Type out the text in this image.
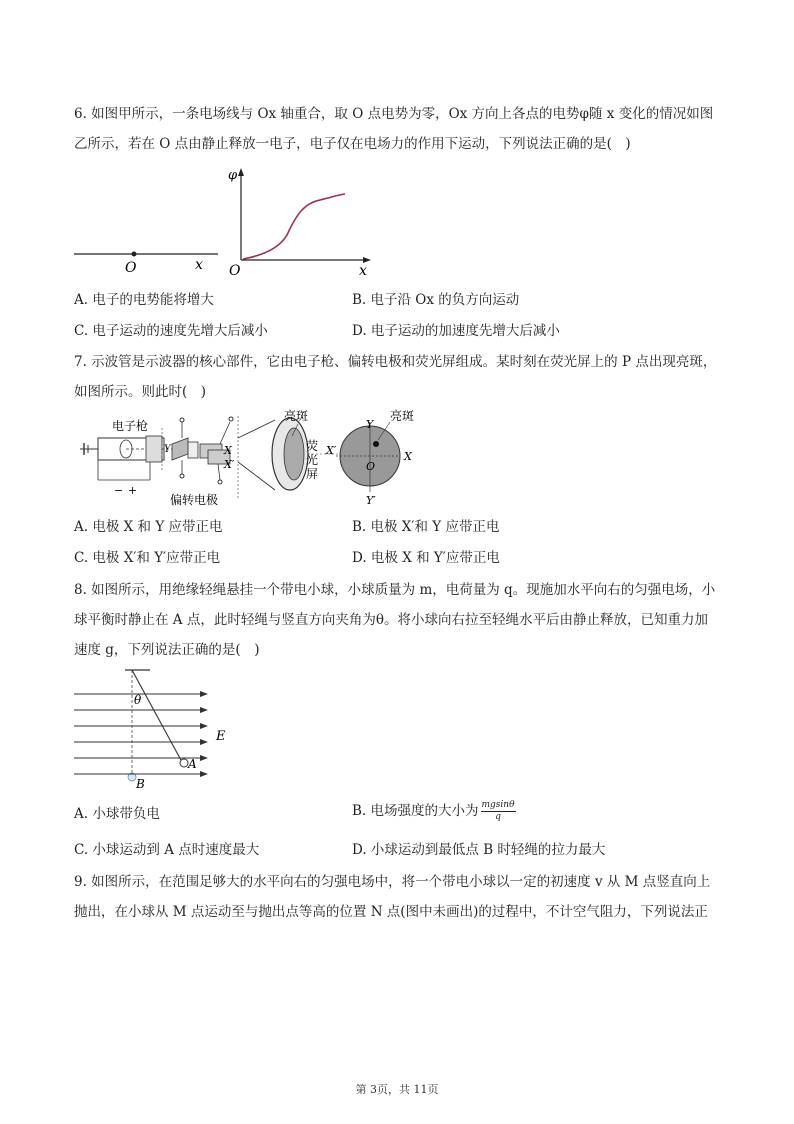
6. 如图甲所示，一条电场线与 Ox 轴重合，取 O 点电势为零，Ox 方向上各点的电势φ随 x 变化的情况如图
乙所示，若在 O 点由静止释放一电子，电子仅在电场力的作用下运动，下列说法正确的是(　)
O	x
φ
x
O
A. 电子的电势能将增大	B. 电子沿 Ox 的负方向运动
C. 电子运动的速度先增大后减小	D. 电子运动的加速度先增大后减小
7. 示波管是示波器的核心部件，它由电子枪、偏转电极和荧光屏组成。某时刻在荧光屏上的 P 点出现亮斑，
如图所示。则此时(　)
− +
电子枪
Y	X
X′
偏转电极
亮斑
荧
光
屏
Y
Y′
X′	X
O
亮斑
A. 电极 X 和 Y 应带正电	B. 电极 X′和 Y 应带正电
C. 电极 X′和 Y′应带正电	D. 电极 X 和 Y′应带正电
8. 如图所示，用绝缘轻绳悬挂一个带电小球，小球质量为 m，电荷量为 q。现施加水平向右的匀强电场，小
球平衡时静止在 A 点，此时轻绳与竖直方向夹角为θ。将小球向右拉至轻绳水平后由静止释放，已知重力加
速度 g，下列说法正确的是(　)
θ
E
A
B
A. 小球带负电	B. 电场强度的大小为 $\frac{mgsin\theta}{q}$
C. 小球运动到 A 点时速度最大	D. 小球运动到最低点 B 时轻绳的拉力最大
9. 如图所示，在范围足够大的水平向右的匀强电场中，将一个带电小球以一定的初速度 v 从 M 点竖直向上
抛出，在小球从 M 点运动至与抛出点等高的位置 N 点(图中未画出)的过程中，不计空气阻力，下列说法正
第 3页，共 11页
